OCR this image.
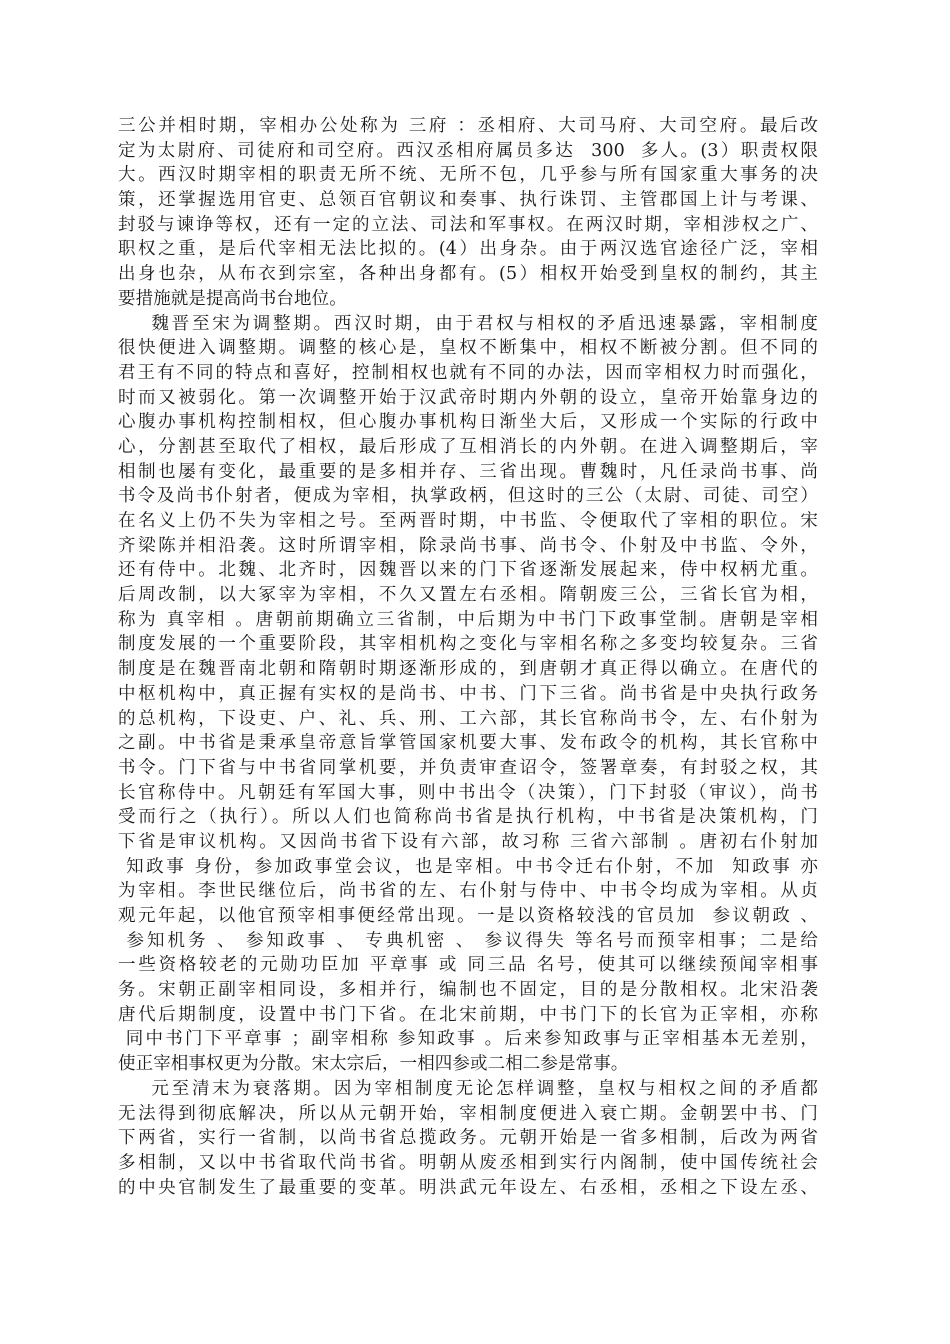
三公并相时期，宰相办公处称为 三府 ：丞相府、大司马府、大司空府。最后改
定为太尉府、司徒府和司空府。西汉丞相府属员多达  300  多人。(3）职责权限
大。西汉时期宰相的职责无所不统、无所不包，几乎参与所有国家重大事务的决
策，还掌握选用官吏、总领百官朝议和奏事、执行诛罚、主管郡国上计与考课、
封驳与谏诤等权，还有一定的立法、司法和军事权。在两汉时期，宰相涉权之广、
职权之重，是后代宰相无法比拟的。(4）出身杂。由于两汉选官途径广泛，宰相
出身也杂，从布衣到宗室，各种出身都有。(5）相权开始受到皇权的制约，其主
要措施就是提高尚书台地位。
魏晋至宋为调整期。西汉时期，由于君权与相权的矛盾迅速暴露，宰相制度
很快便进入调整期。调整的核心是，皇权不断集中，相权不断被分割。但不同的
君王有不同的特点和喜好，控制相权也就有不同的办法，因而宰相权力时而强化，
时而又被弱化。第一次调整开始于汉武帝时期内外朝的设立，皇帝开始靠身边的
心腹办事机构控制相权，但心腹办事机构日渐坐大后，又形成一个实际的行政中
心，分割甚至取代了相权，最后形成了互相消长的内外朝。在进入调整期后，宰
相制也屡有变化，最重要的是多相并存、三省出现。曹魏时，凡任录尚书事、尚
书令及尚书仆射者，便成为宰相，执掌政柄，但这时的三公（太尉、司徒、司空）
在名义上仍不失为宰相之号。至两晋时期，中书监、令便取代了宰相的职位。宋
齐梁陈并相沿袭。这时所谓宰相，除录尚书事、尚书令、仆射及中书监、令外，
还有侍中。北魏、北齐时，因魏晋以来的门下省逐渐发展起来，侍中权柄尤重。
后周改制，以大冢宰为宰相，不久又置左右丞相。隋朝废三公，三省长官为相，
称为 真宰相 。唐朝前期确立三省制，中后期为中书门下政事堂制。唐朝是宰相
制度发展的一个重要阶段，其宰相机构之变化与宰相名称之多变均较复杂。三省
制度是在魏晋南北朝和隋朝时期逐渐形成的，到唐朝才真正得以确立。在唐代的
中枢机构中，真正握有实权的是尚书、中书、门下三省。尚书省是中央执行政务
的总机构，下设吏、户、礼、兵、刑、工六部，其长官称尚书令，左、右仆射为
之副。中书省是秉承皇帝意旨掌管国家机要大事、发布政令的机构，其长官称中
书令。门下省与中书省同掌机要，并负责审查诏令，签署章奏，有封驳之权，其
长官称侍中。凡朝廷有军国大事，则中书出令（决策），门下封驳（审议），尚书
受而行之（执行）。所以人们也简称尚书省是执行机构，中书省是决策机构，门
下省是审议机构。又因尚书省下设有六部，故习称 三省六部制 。唐初右仆射加
知政事 身份，参加政事堂会议，也是宰相。中书令迁右仆射，不加  知政事 亦
为宰相。李世民继位后，尚书省的左、右仆射与侍中、中书令均成为宰相。从贞
观元年起，以他官预宰相事便经常出现。一是以资格较浅的官员加  参议朝政 、
参知机务 、 参知政事 、 专典机密 、 参议得失 等名号而预宰相事；二是给
一些资格较老的元勋功臣加 平章事 或 同三品 名号，使其可以继续预闻宰相事
务。宋朝正副宰相同设，多相并行，编制也不固定，目的是分散相权。北宋沿袭
唐代后期制度，设置中书门下省。在北宋前期，中书门下的长官为正宰相，亦称
同中书门下平章事 ；副宰相称 参知政事 。后来参知政事与正宰相基本无差别，
使正宰相事权更为分散。宋太宗后，一相四参或二相二参是常事。
元至清末为衰落期。因为宰相制度无论怎样调整，皇权与相权之间的矛盾都
无法得到彻底解决，所以从元朝开始，宰相制度便进入衰亡期。金朝罢中书、门
下两省，实行一省制，以尚书省总揽政务。元朝开始是一省多相制，后改为两省
多相制，又以中书省取代尚书省。明朝从废丞相到实行内阁制，使中国传统社会
的中央官制发生了最重要的变革。明洪武元年设左、右丞相，丞相之下设左丞、
